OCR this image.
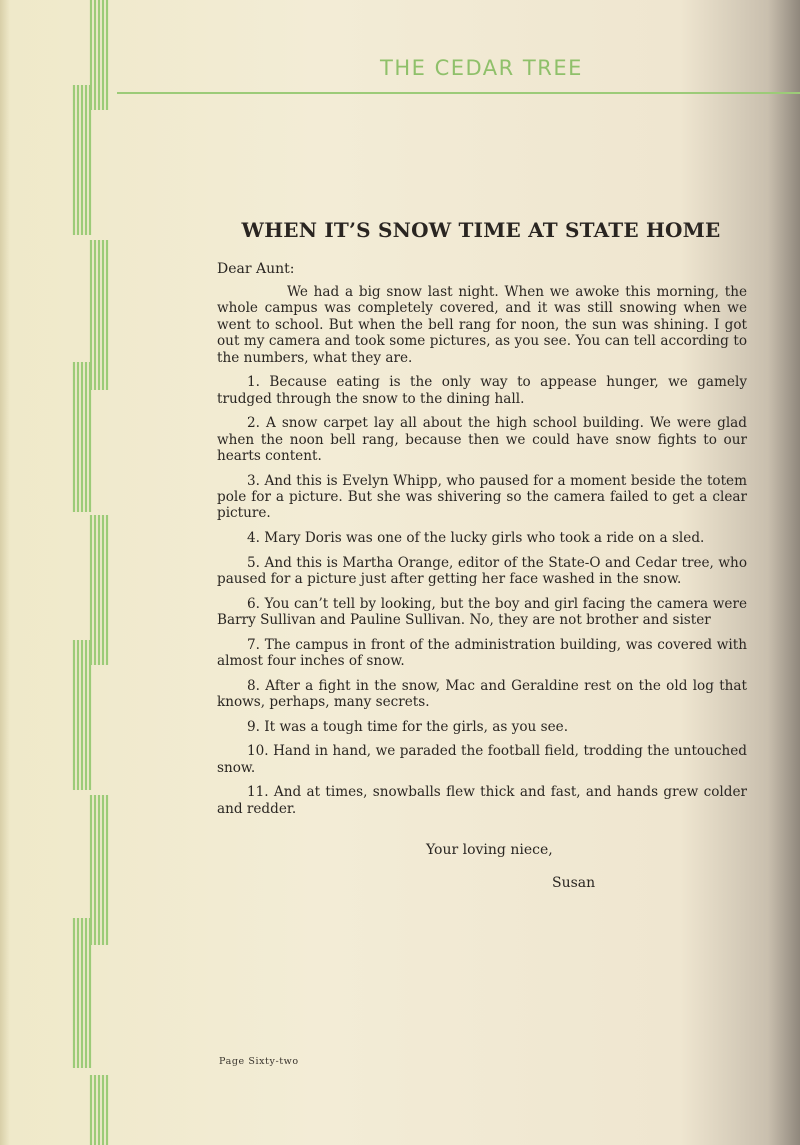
THE CEDAR TREE
WHEN IT’S SNOW TIME AT STATE HOME
Dear Aunt:

We had a big snow last night. When we awoke this morning, the whole campus was completely covered, and it was still snowing when we went to school. But when the bell rang for noon, the sun was shining. I got out my camera and took some pictures, as you see. You can tell according to the numbers, what they are.

1. Because eating is the only way to appease hunger, we gamely trudged through the snow to the dining hall.

2. A snow carpet lay all about the high school building. We were glad when the noon bell rang, because then we could have snow fights to our hearts content.

3. And this is Evelyn Whipp, who paused for a moment beside the totem pole for a picture. But she was shivering so the camera failed to get a clear picture.

4. Mary Doris was one of the lucky girls who took a ride on a sled.

5. And this is Martha Orange, editor of the State-O and Cedar tree, who paused for a picture just after getting her face washed in the snow.

6. You can’t tell by looking, but the boy and girl facing the camera were Barry Sullivan and Pauline Sullivan. No, they are not brother and sister

7. The campus in front of the administration building, was covered with almost four inches of snow.

8. After a fight in the snow, Mac and Geraldine rest on the old log that knows, perhaps, many secrets.

9. It was a tough time for the girls, as you see.

10. Hand in hand, we paraded the football field, trodding the untouched snow.

11. And at times, snowballs flew thick and fast, and hands grew colder and redder.

Your loving niece,
Susan
Page Sixty-two
